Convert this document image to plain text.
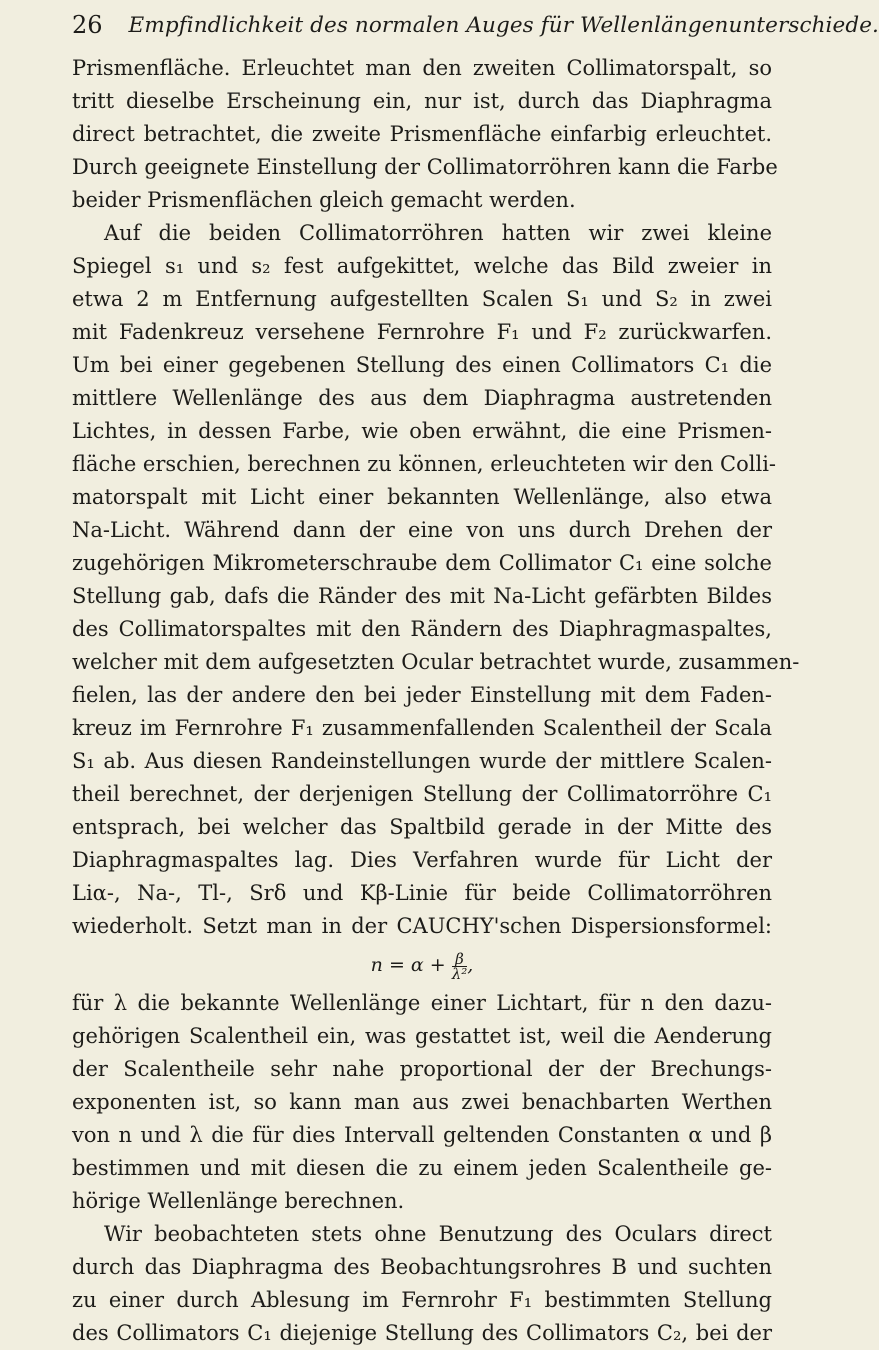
26 Empfindlichkeit des normalen Auges für Wellenlängenunterschiede.
Prismenfläche. Erleuchtet man den zweiten Collimatorspalt, so
tritt dieselbe Erscheinung ein, nur ist, durch das Diaphragma
direct betrachtet, die zweite Prismenfläche einfarbig erleuchtet.
Durch geeignete Einstellung der Collimatorröhren kann die Farbe
beider Prismenflächen gleich gemacht werden.
Auf die beiden Collimatorröhren hatten wir zwei kleine
Spiegel s₁ und s₂ fest aufgekittet, welche das Bild zweier in
etwa 2 m Entfernung aufgestellten Scalen S₁ und S₂ in zwei
mit Fadenkreuz versehene Fernrohre F₁ und F₂ zurückwarfen.
Um bei einer gegebenen Stellung des einen Collimators C₁ die
mittlere Wellenlänge des aus dem Diaphragma austretenden
Lichtes, in dessen Farbe, wie oben erwähnt, die eine Prismen-
fläche erschien, berechnen zu können, erleuchteten wir den Colli-
matorspalt mit Licht einer bekannten Wellenlänge, also etwa
Na-Licht. Während dann der eine von uns durch Drehen der
zugehörigen Mikrometerschraube dem Collimator C₁ eine solche
Stellung gab, dafs die Ränder des mit Na-Licht gefärbten Bildes
des Collimatorspaltes mit den Rändern des Diaphragmaspaltes,
welcher mit dem aufgesetzten Ocular betrachtet wurde, zusammen-
fielen, las der andere den bei jeder Einstellung mit dem Faden-
kreuz im Fernrohre F₁ zusammenfallenden Scalentheil der Scala
S₁ ab. Aus diesen Randeinstellungen wurde der mittlere Scalen-
theil berechnet, der derjenigen Stellung der Collimatorröhre C₁
entsprach, bei welcher das Spaltbild gerade in der Mitte des
Diaphragmaspaltes lag. Dies Verfahren wurde für Licht der
Liα-, Na-, Tl-, Srδ und Kβ-Linie für beide Collimatorröhren
wiederholt. Setzt man in der CAUCHY'schen Dispersionsformel:
$n = \alpha + \frac{\beta}{\text{λ²}}$ ,
für λ die bekannte Wellenlänge einer Lichtart, für n den dazu-
gehörigen Scalentheil ein, was gestattet ist, weil die Aenderung
der Scalentheile sehr nahe proportional der der Brechungs-
exponenten ist, so kann man aus zwei benachbarten Werthen
von n und λ die für dies Intervall geltenden Constanten α und β
bestimmen und mit diesen die zu einem jeden Scalentheile ge-
hörige Wellenlänge berechnen.
Wir beobachteten stets ohne Benutzung des Oculars direct
durch das Diaphragma des Beobachtungsrohres B und suchten
zu einer durch Ablesung im Fernrohr F₁ bestimmten Stellung
des Collimators C₁ diejenige Stellung des Collimators C₂, bei der
